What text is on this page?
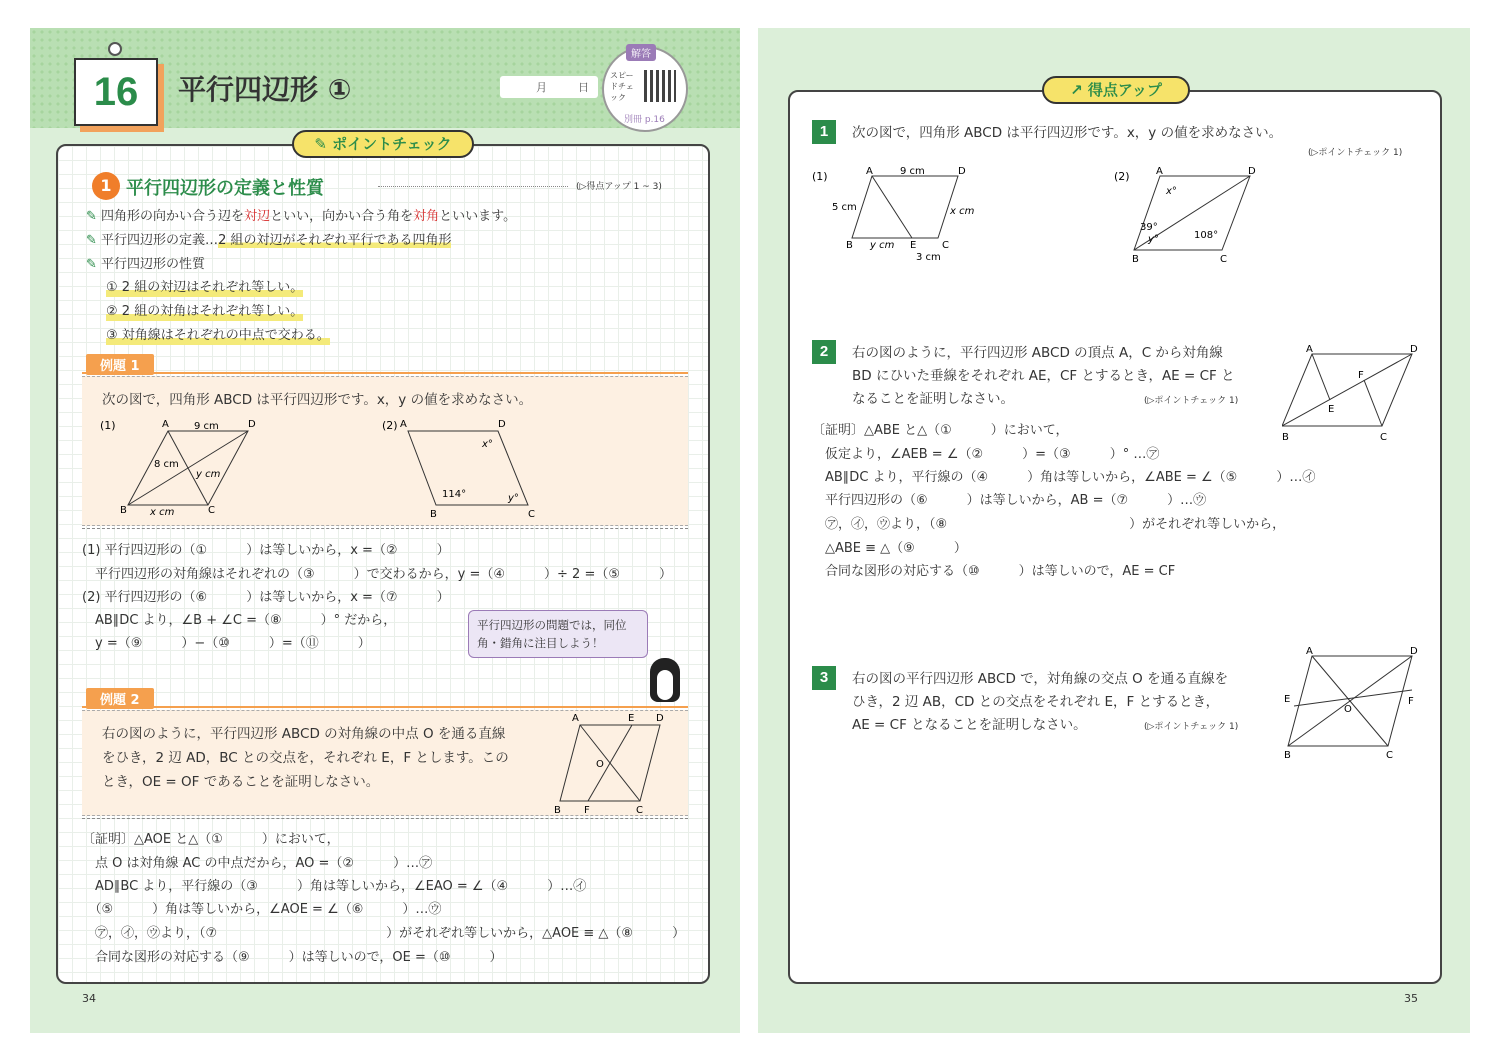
16	平行四辺形 ①	月	日
解答
スピードチェック
別冊 p.16
1 平行四辺形の定義と性質	(▷得点アップ 1 ~ 3)
✎ 四角形の向かい合う辺を対辺といい，向かい合う角を対角といいます。
✎ 平行四辺形の定義…2 組の対辺がそれぞれ平行である四角形
✎ 平行四辺形の性質
① 2 組の対辺はそれぞれ等しい。
② 2 組の対角はそれぞれ等しい。
③ 対角線はそれぞれの中点で交わる。
例題 1
次の図で，四角形 ABCD は平行四辺形です。x，y の値を求めなさい。
(1)	A	D
B	C
9 cm
8 cm
y cm
x cm
(2) A	D
B	C
114°
x°
y°
(1) 平行四辺形の（①　　　）は等しいから，x =（②　　　）
　平行四辺形の対角線はそれぞれの（③　　　）で交わるから，y =（④　　　）÷ 2 =（⑤　　　）
(2) 平行四辺形の（⑥　　　）は等しいから，x =（⑦　　　）
　AB∥DC より，∠B + ∠C =（⑧　　　）° だから，
　y =（⑨　　　）−（⑩　　　）=（⑪　　　）
平行四辺形の問題では，同位角・錯角に注目しよう！
例題 2
右の図のように，平行四辺形 ABCD の対角線の中点 O を通る直線
をひき，2 辺 AD，BC との交点を，それぞれ E，F とします。この
とき，OE = OF であることを証明しなさい。
A	E D
B F	C
O
〔証明〕△AOE と△（①　　　）において，
　点 O は対角線 AC の中点だから，AO =（②　　　）…㋐
　AD∥BC より，平行線の（③　　　）角は等しいから，∠EAO = ∠（④　　　）…㋑
　（⑤　　　）角は等しいから，∠AOE = ∠（⑥　　　）…㋒
　㋐，㋑，㋒より，（⑦　　　　　　　　　　　　　）がそれぞれ等しいから，△AOE ≡ △（⑧　　　）
　合同な図形の対応する（⑨　　　）は等しいので，OE =（⑩　　　）
✎ ポイントチェック
34
1	次の図で，四角形 ABCD は平行四辺形です。x，y の値を求めなさい。
(▷ポイントチェック 1)
(1)	A	D
B	E	C
9 cm
5 cm	x cm
y cm
3 cm
(2)	A	D
B	C
x°
39°
y°	108°
2	右の図のように，平行四辺形 ABCD の頂点 A，C から対角線
BD にひいた垂線をそれぞれ AE，CF とするとき，AE = CF と
なることを証明しなさい。	(▷ポイントチェック 1)
A	D
B	C
E
F
〔証明〕△ABE と△（①　　　）において，
　仮定より，∠AEB = ∠（②　　　）=（③　　　）° …㋐
　AB∥DC より，平行線の（④　　　）角は等しいから，∠ABE = ∠（⑤　　　）…㋑
　平行四辺形の（⑥　　　）は等しいから，AB =（⑦　　　）…㋒
　㋐，㋑，㋒より，（⑧　　　　　　　　　　　　　　）がそれぞれ等しいから，
　△ABE ≡ △（⑨　　　）
　合同な図形の対応する（⑩　　　）は等しいので，AE = CF
3	右の図の平行四辺形 ABCD で，対角線の交点 O を通る直線を
ひき，2 辺 AB，CD との交点をそれぞれ E，F とするとき，
AE = CF となることを証明しなさい。	(▷ポイントチェック 1)
A	D
B	C
E	F
O
↗ 得点アップ
35
